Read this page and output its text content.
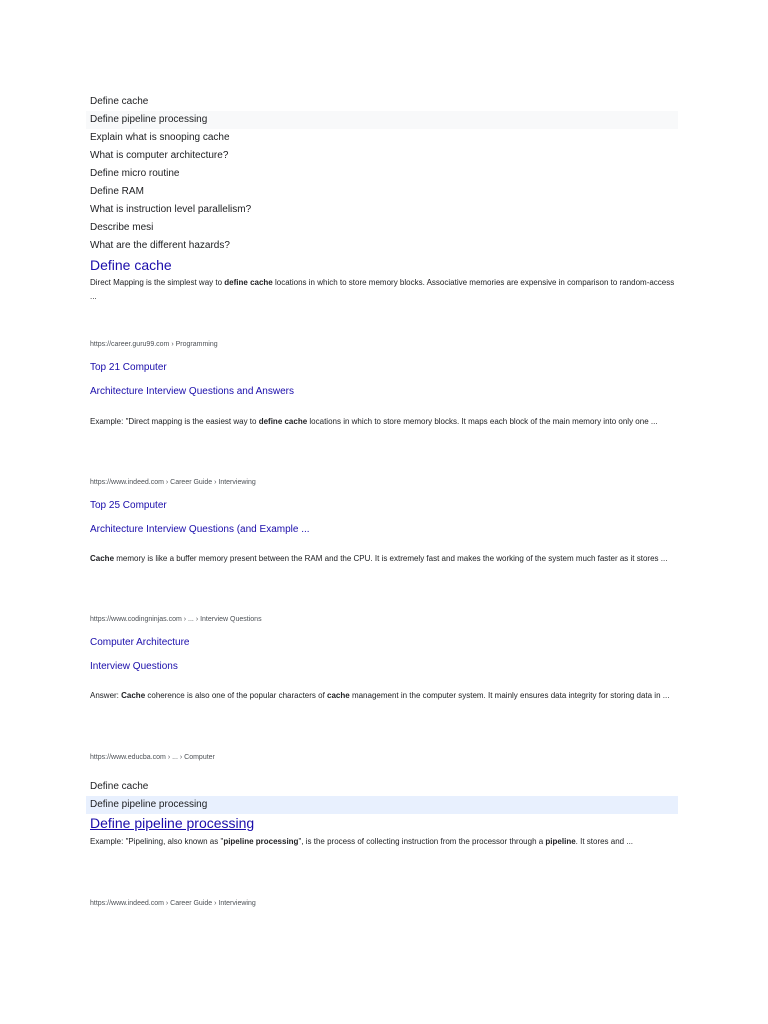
Define cache
Define pipeline processing
Explain what is snooping cache
What is computer architecture?
Define micro routine
Define RAM
What is instruction level parallelism?
Describe mesi
What are the different hazards?
Define cache
Direct Mapping is the simplest way to define cache locations in which to store memory blocks. Associative memories are expensive in comparison to random-access ...
https://career.guru99.com › Programming
Top 21 Computer
Architecture Interview Questions and Answers
Example: "Direct mapping is the easiest way to define cache locations in which to store memory blocks. It maps each block of the main memory into only one ...
https://www.indeed.com › Career Guide › Interviewing
Top 25 Computer
Architecture Interview Questions (and Example ...
Cache memory is like a buffer memory present between the RAM and the CPU. It is extremely fast and makes the working of the system much faster as it stores ...
https://www.codingninjas.com › ... › Interview Questions
Computer Architecture
Interview Questions
Answer: Cache coherence is also one of the popular characters of cache management in the computer system. It mainly ensures data integrity for storing data in ...
https://www.educba.com › ... › Computer
Define cache
Define pipeline processing
Define pipeline processing
Example: "Pipelining, also known as "pipeline processing", is the process of collecting instruction from the processor through a pipeline. It stores and ...
https://www.indeed.com › Career Guide › Interviewing
